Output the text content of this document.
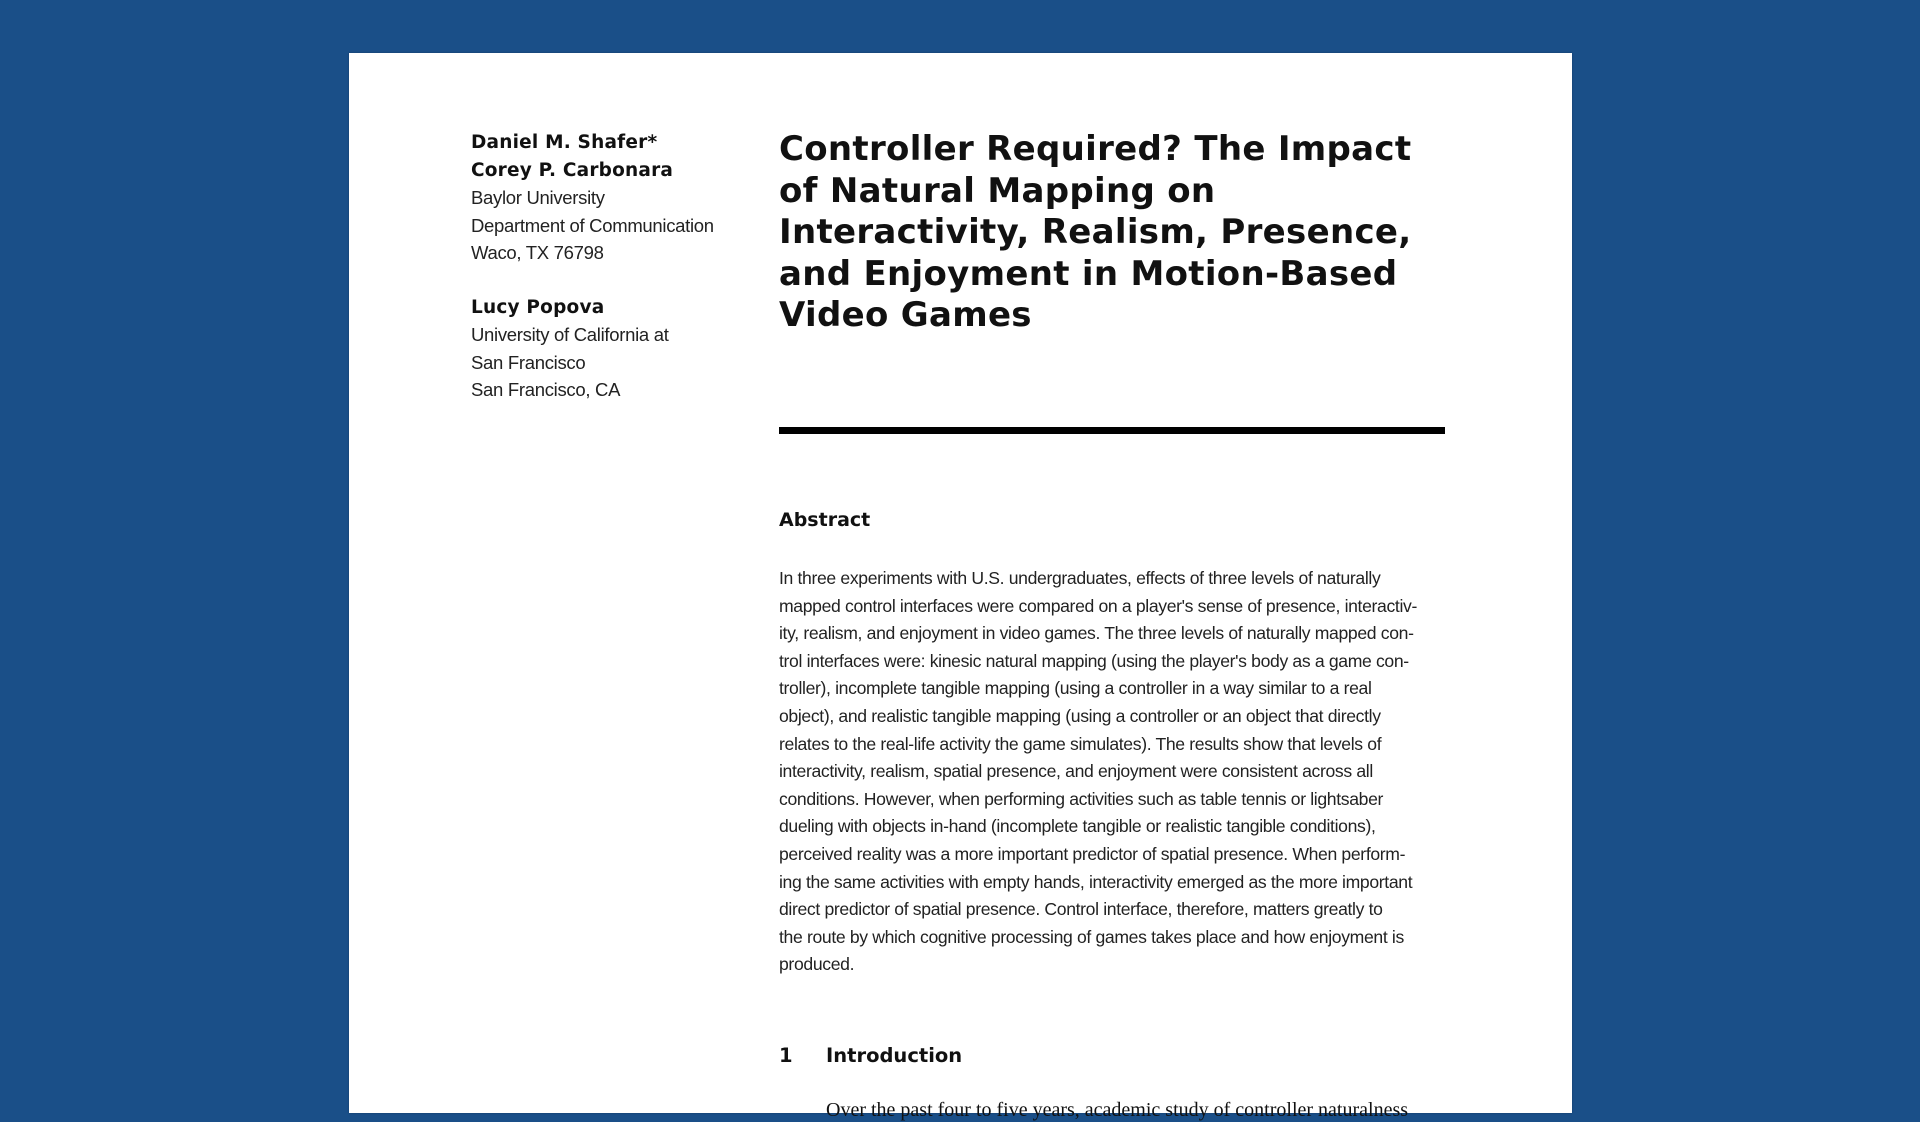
Daniel M. Shafer*
Corey P. Carbonara
Baylor University
Department of Communication
Waco, TX 76798
Lucy Popova
University of California at
San Francisco
San Francisco, CA
Controller Required? The Impact
of Natural Mapping on
Interactivity, Realism, Presence,
and Enjoyment in Motion-Based
Video Games
Abstract
In three experiments with U.S. undergraduates, effects of three levels of naturally
mapped control interfaces were compared on a player's sense of presence, interactiv-
ity, realism, and enjoyment in video games. The three levels of naturally mapped con-
trol interfaces were: kinesic natural mapping (using the player's body as a game con-
troller), incomplete tangible mapping (using a controller in a way similar to a real
object), and realistic tangible mapping (using a controller or an object that directly
relates to the real-life activity the game simulates). The results show that levels of
interactivity, realism, spatial presence, and enjoyment were consistent across all
conditions. However, when performing activities such as table tennis or lightsaber
dueling with objects in-hand (incomplete tangible or realistic tangible conditions),
perceived reality was a more important predictor of spatial presence. When perform-
ing the same activities with empty hands, interactivity emerged as the more important
direct predictor of spatial presence. Control interface, therefore, matters greatly to
the route by which cognitive processing of games takes place and how enjoyment is
produced.
1	Introduction
Over the past four to five years, academic study of controller naturalness
